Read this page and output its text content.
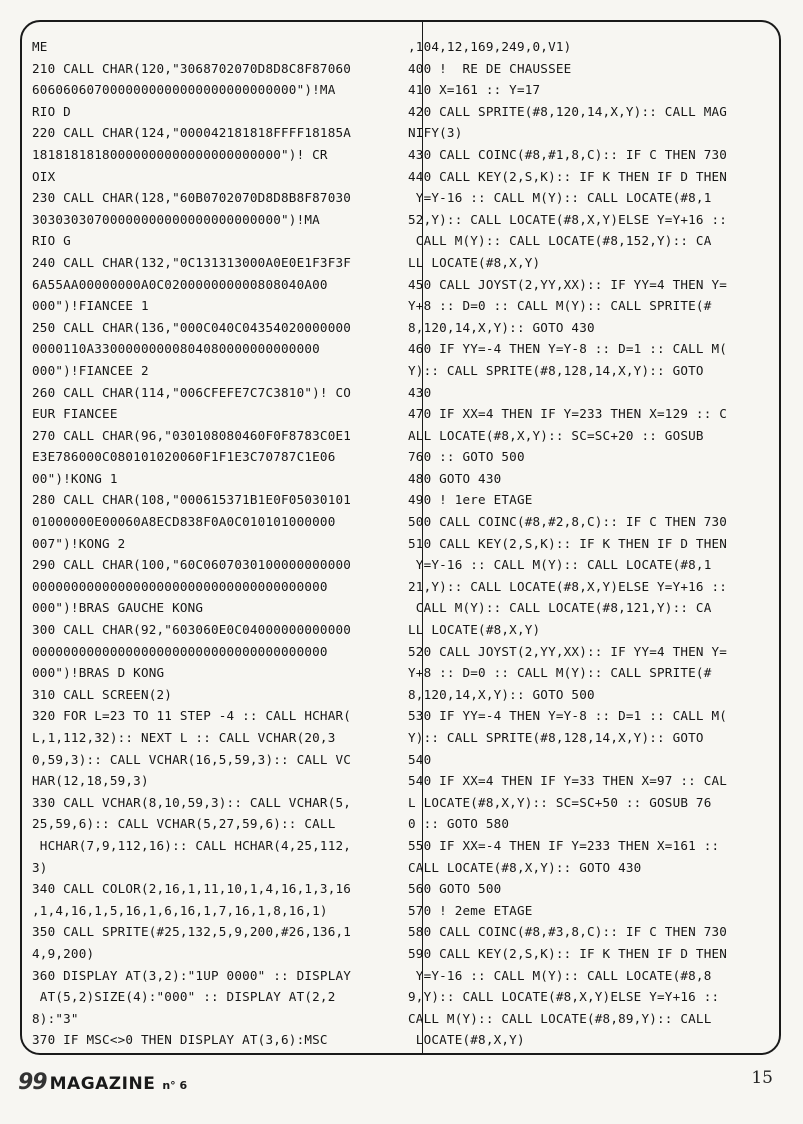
ME
210 CALL CHAR(120,"3068702070D8D8C8F87060
6060606070000000000000000000000000")!MA
RIO D
220 CALL CHAR(124,"000042181818FFFF18185A
18181818180000000000000000000000")! CR
OIX
230 CALL CHAR(128,"60B0702070D8D8B8F87030
30303030700000000000000000000000")!MA
RIO G
240 CALL CHAR(132,"0C131313000A0E0E1F3F3F
6A55AA00000000A0C020000000000808040A00
000")!FIANCEE 1
250 CALL CHAR(136,"000C040C04354020000000
0000110A33000000000804080000000000000
000")!FIANCEE 2
260 CALL CHAR(114,"006CFEFE7C7C3810")! CO
EUR FIANCEE
270 CALL CHAR(96,"030108080460F0F8783C0E1
E3E786000C080101020060F1F1E3C70787C1E06
00")!KONG 1
280 CALL CHAR(108,"000615371B1E0F05030101
01000000E00060A8ECD838F0A0C010101000000
007")!KONG 2
290 CALL CHAR(100,"60C0607030100000000000
00000000000000000000000000000000000000
000")!BRAS GAUCHE KONG
300 CALL CHAR(92,"603060E0C04000000000000
00000000000000000000000000000000000000
000")!BRAS D KONG
310 CALL SCREEN(2)
320 FOR L=23 TO 11 STEP -4 :: CALL HCHAR(
L,1,112,32):: NEXT L :: CALL VCHAR(20,3
0,59,3):: CALL VCHAR(16,5,59,3):: CALL VC
HAR(12,18,59,3)
330 CALL VCHAR(8,10,59,3):: CALL VCHAR(5,
25,59,6):: CALL VCHAR(5,27,59,6):: CALL
HCHAR(7,9,112,16):: CALL HCHAR(4,25,112,
3)
340 CALL COLOR(2,16,1,11,10,1,4,16,1,3,16
,1,4,16,1,5,16,1,6,16,1,7,16,1,8,16,1)
350 CALL SPRITE(#25,132,5,9,200,#26,136,1
4,9,200)
360 DISPLAY AT(3,2):"1UP 0000" :: DISPLAY
AT(5,2)SIZE(4):"000" :: DISPLAY AT(2,2
8):"3"
370 IF MSC<>0 THEN DISPLAY AT(3,6):MSC
,104,12,169,249,0,V1)
400 !  RE DE CHAUSSEE
410 X=161 :: Y=17
420 CALL SPRITE(#8,120,14,X,Y):: CALL MAG
NIFY(3)
430 CALL COINC(#8,#1,8,C):: IF C THEN 730
440 CALL KEY(2,S,K):: IF K THEN IF D THEN
Y=Y-16 :: CALL M(Y):: CALL LOCATE(#8,1
52,Y):: CALL LOCATE(#8,X,Y)ELSE Y=Y+16 ::
CALL M(Y):: CALL LOCATE(#8,152,Y):: CA
LL LOCATE(#8,X,Y)
450 CALL JOYST(2,YY,XX):: IF YY=4 THEN Y=
Y+8 :: D=0 :: CALL M(Y):: CALL SPRITE(#
8,120,14,X,Y):: GOTO 430
460 IF YY=-4 THEN Y=Y-8 :: D=1 :: CALL M(
Y):: CALL SPRITE(#8,128,14,X,Y):: GOTO
430
470 IF XX=4 THEN IF Y=233 THEN X=129 :: C
ALL LOCATE(#8,X,Y):: SC=SC+20 :: GOSUB
760 :: GOTO 500
480 GOTO 430
490 ! 1ere ETAGE
500 CALL COINC(#8,#2,8,C):: IF C THEN 730
510 CALL KEY(2,S,K):: IF K THEN IF D THEN
Y=Y-16 :: CALL M(Y):: CALL LOCATE(#8,1
21,Y):: CALL LOCATE(#8,X,Y)ELSE Y=Y+16 ::
CALL M(Y):: CALL LOCATE(#8,121,Y):: CA
LL LOCATE(#8,X,Y)
520 CALL JOYST(2,YY,XX):: IF YY=4 THEN Y=
Y+8 :: D=0 :: CALL M(Y):: CALL SPRITE(#
8,120,14,X,Y):: GOTO 500
530 IF YY=-4 THEN Y=Y-8 :: D=1 :: CALL M(
Y):: CALL SPRITE(#8,128,14,X,Y):: GOTO
540
540 IF XX=4 THEN IF Y=33 THEN X=97 :: CAL
L LOCATE(#8,X,Y):: SC=SC+50 :: GOSUB 76
0 :: GOTO 580
550 IF XX=-4 THEN IF Y=233 THEN X=161 ::
CALL LOCATE(#8,X,Y):: GOTO 430
560 GOTO 500
570 ! 2eme ETAGE
580 CALL COINC(#8,#3,8,C):: IF C THEN 730
590 CALL KEY(2,S,K):: IF K THEN IF D THEN
Y=Y-16 :: CALL M(Y):: CALL LOCATE(#8,8
9,Y):: CALL LOCATE(#8,X,Y)ELSE Y=Y+16 ::
CALL M(Y):: CALL LOCATE(#8,89,Y):: CALL
LOCATE(#8,X,Y)
99 MAGAZINE n° 6	15
